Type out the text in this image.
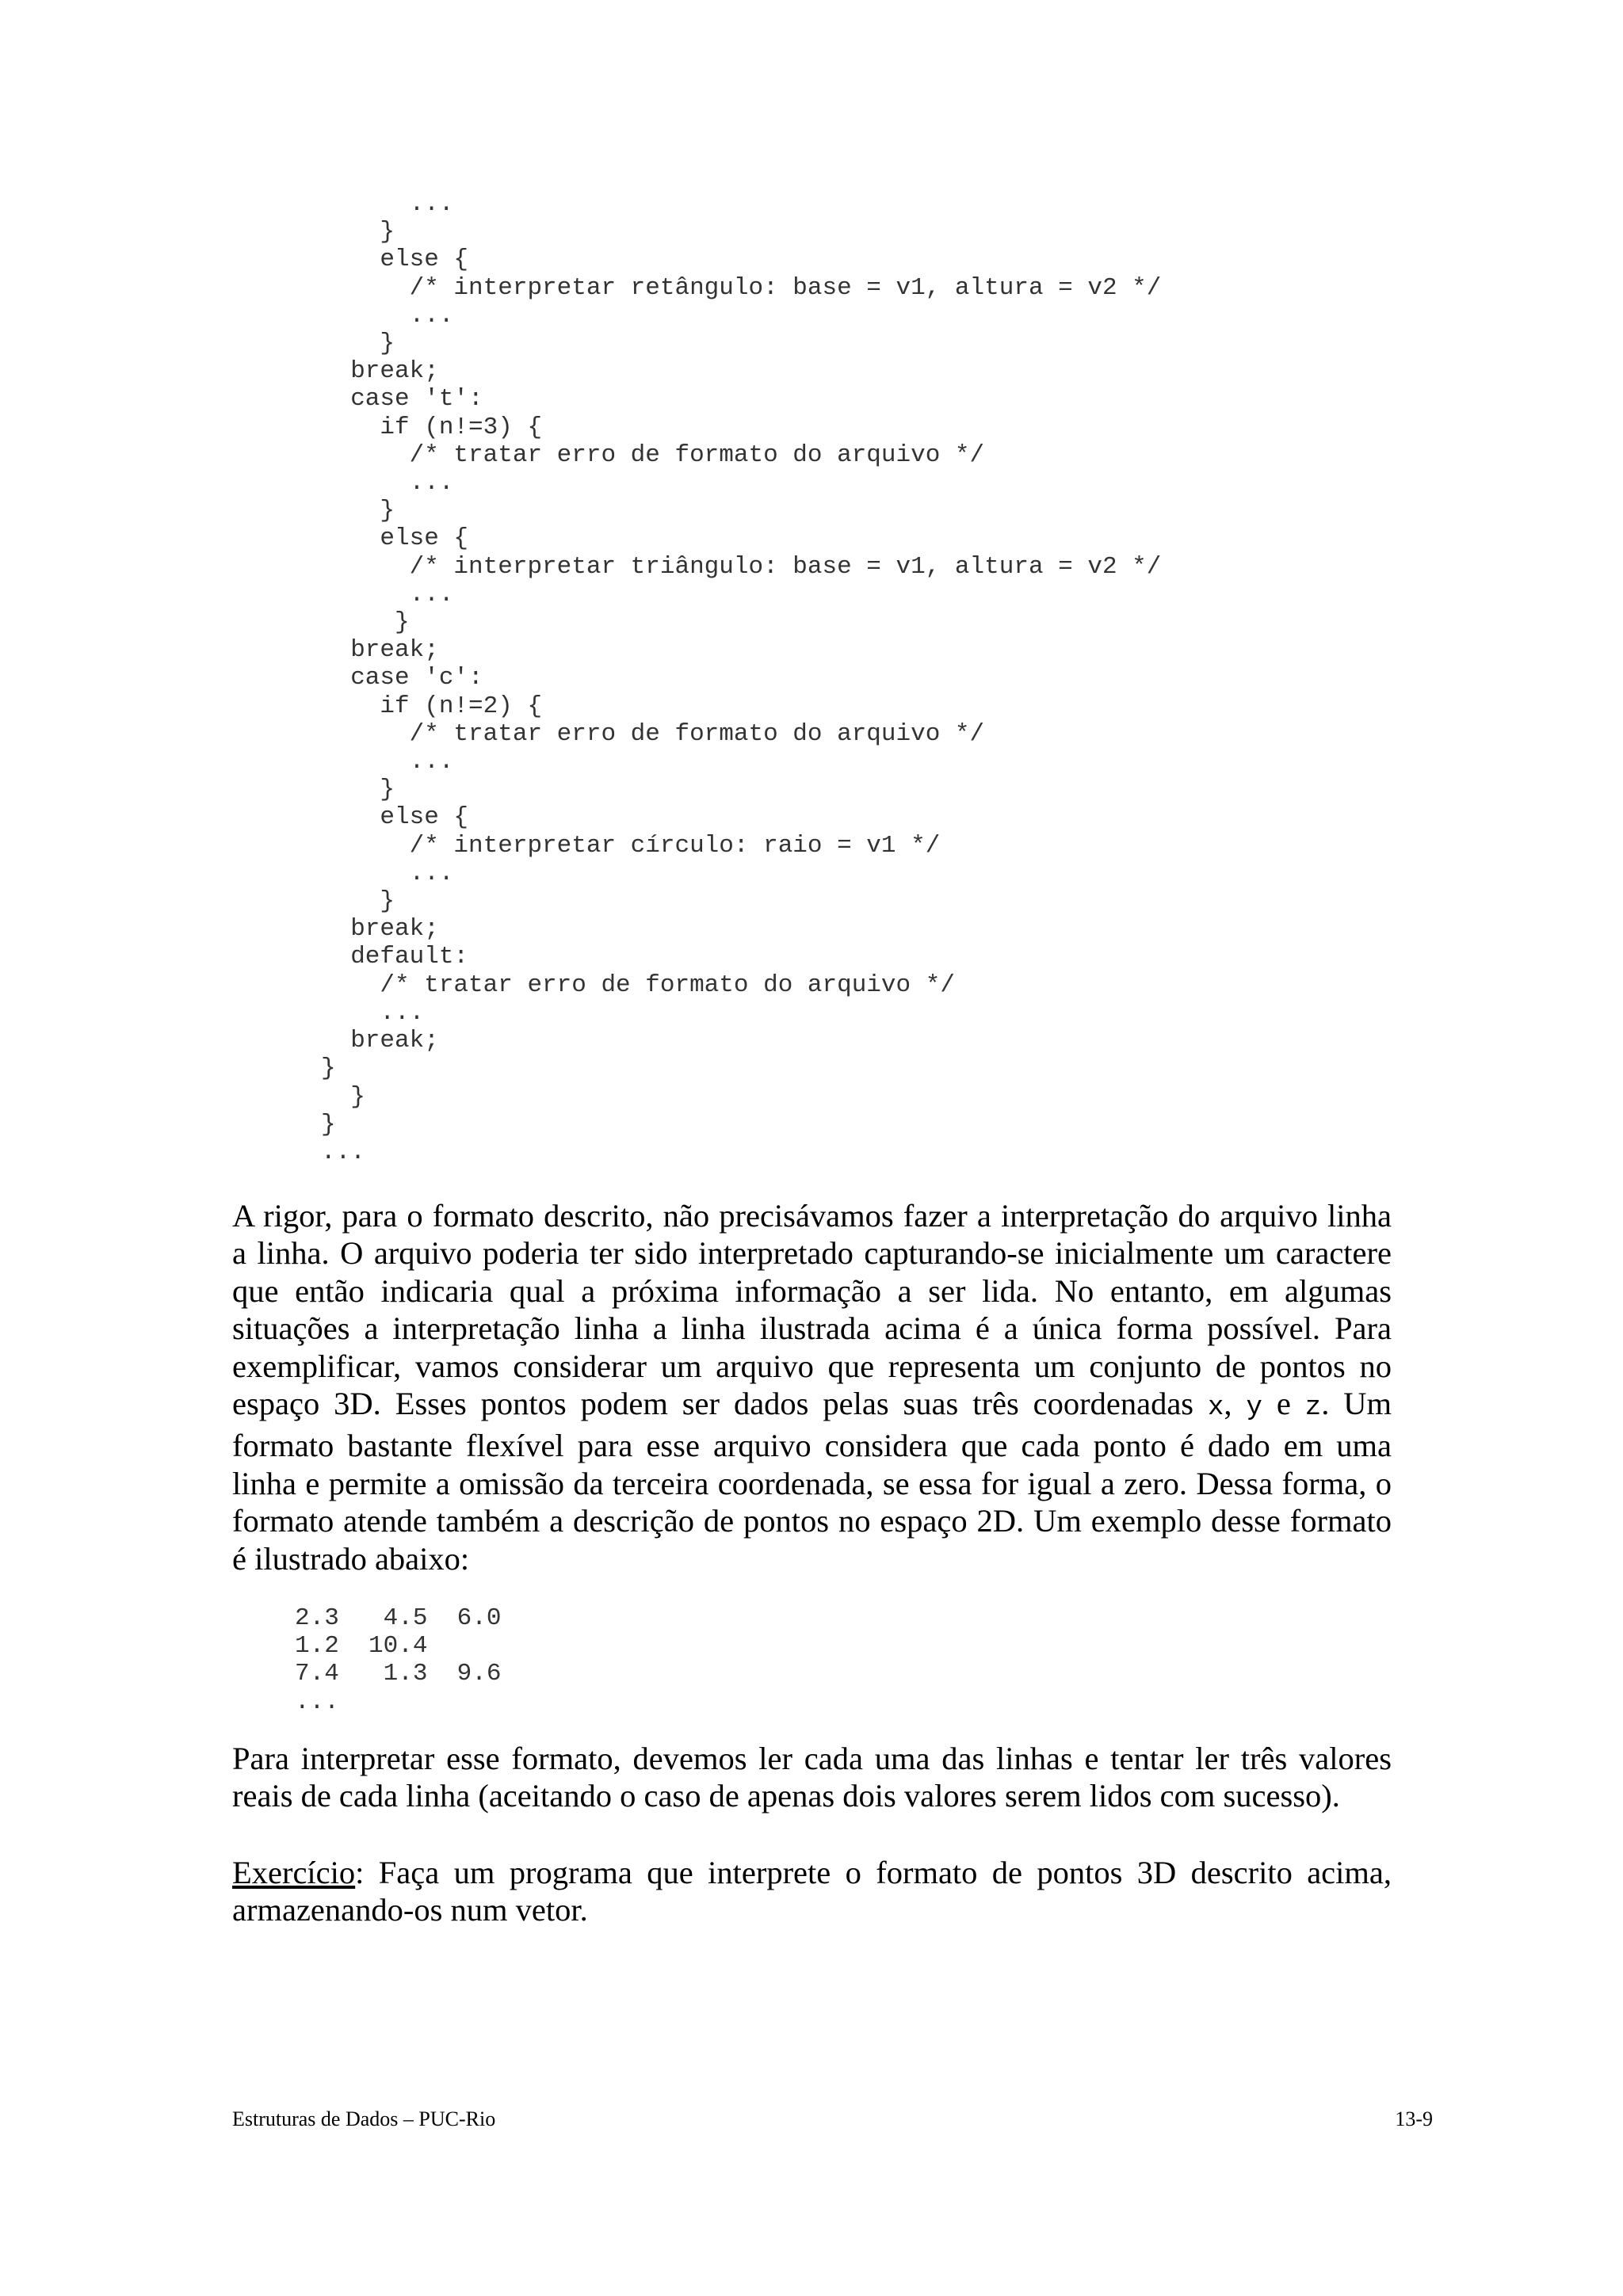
...
}
else {
/* interpretar retângulo: base = v1, altura = v2 */
...
}
break;
case 't':
if (n!=3) {
/* tratar erro de formato do arquivo */
...
}
else {
/* interpretar triângulo: base = v1, altura = v2 */
...
}
break;
case 'c':
if (n!=2) {
/* tratar erro de formato do arquivo */
...
}
else {
/* interpretar círculo: raio = v1 */
...
}
break;
default:
/* tratar erro de formato do arquivo */
...
break;
}
}
}
...

A rigor, para o formato descrito, não precisávamos fazer a interpretação do arquivo linha a linha. O arquivo poderia ter sido interpretado capturando-se inicialmente um caractere que então indicaria qual a próxima informação a ser lida. No entanto, em algumas situações a interpretação linha a linha ilustrada acima é a única forma possível. Para exemplificar, vamos considerar um arquivo que representa um conjunto de pontos no espaço 3D. Esses pontos podem ser dados pelas suas três coordenadas x, y e z. Um formato bastante flexível para esse arquivo considera que cada ponto é dado em uma linha e permite a omissão da terceira coordenada, se essa for igual a zero. Dessa forma, o formato atende também a descrição de pontos no espaço 2D. Um exemplo desse formato é ilustrado abaixo:

2.3   4.5  6.0
1.2  10.4
7.4   1.3  9.6
...

Para interpretar esse formato, devemos ler cada uma das linhas e tentar ler três valores reais de cada linha (aceitando o caso de apenas dois valores serem lidos com sucesso).

Exercício: Faça um programa que interprete o formato de pontos 3D descrito acima, armazenando-os num vetor.

Estruturas de Dados – PUC-Rio	13-9
